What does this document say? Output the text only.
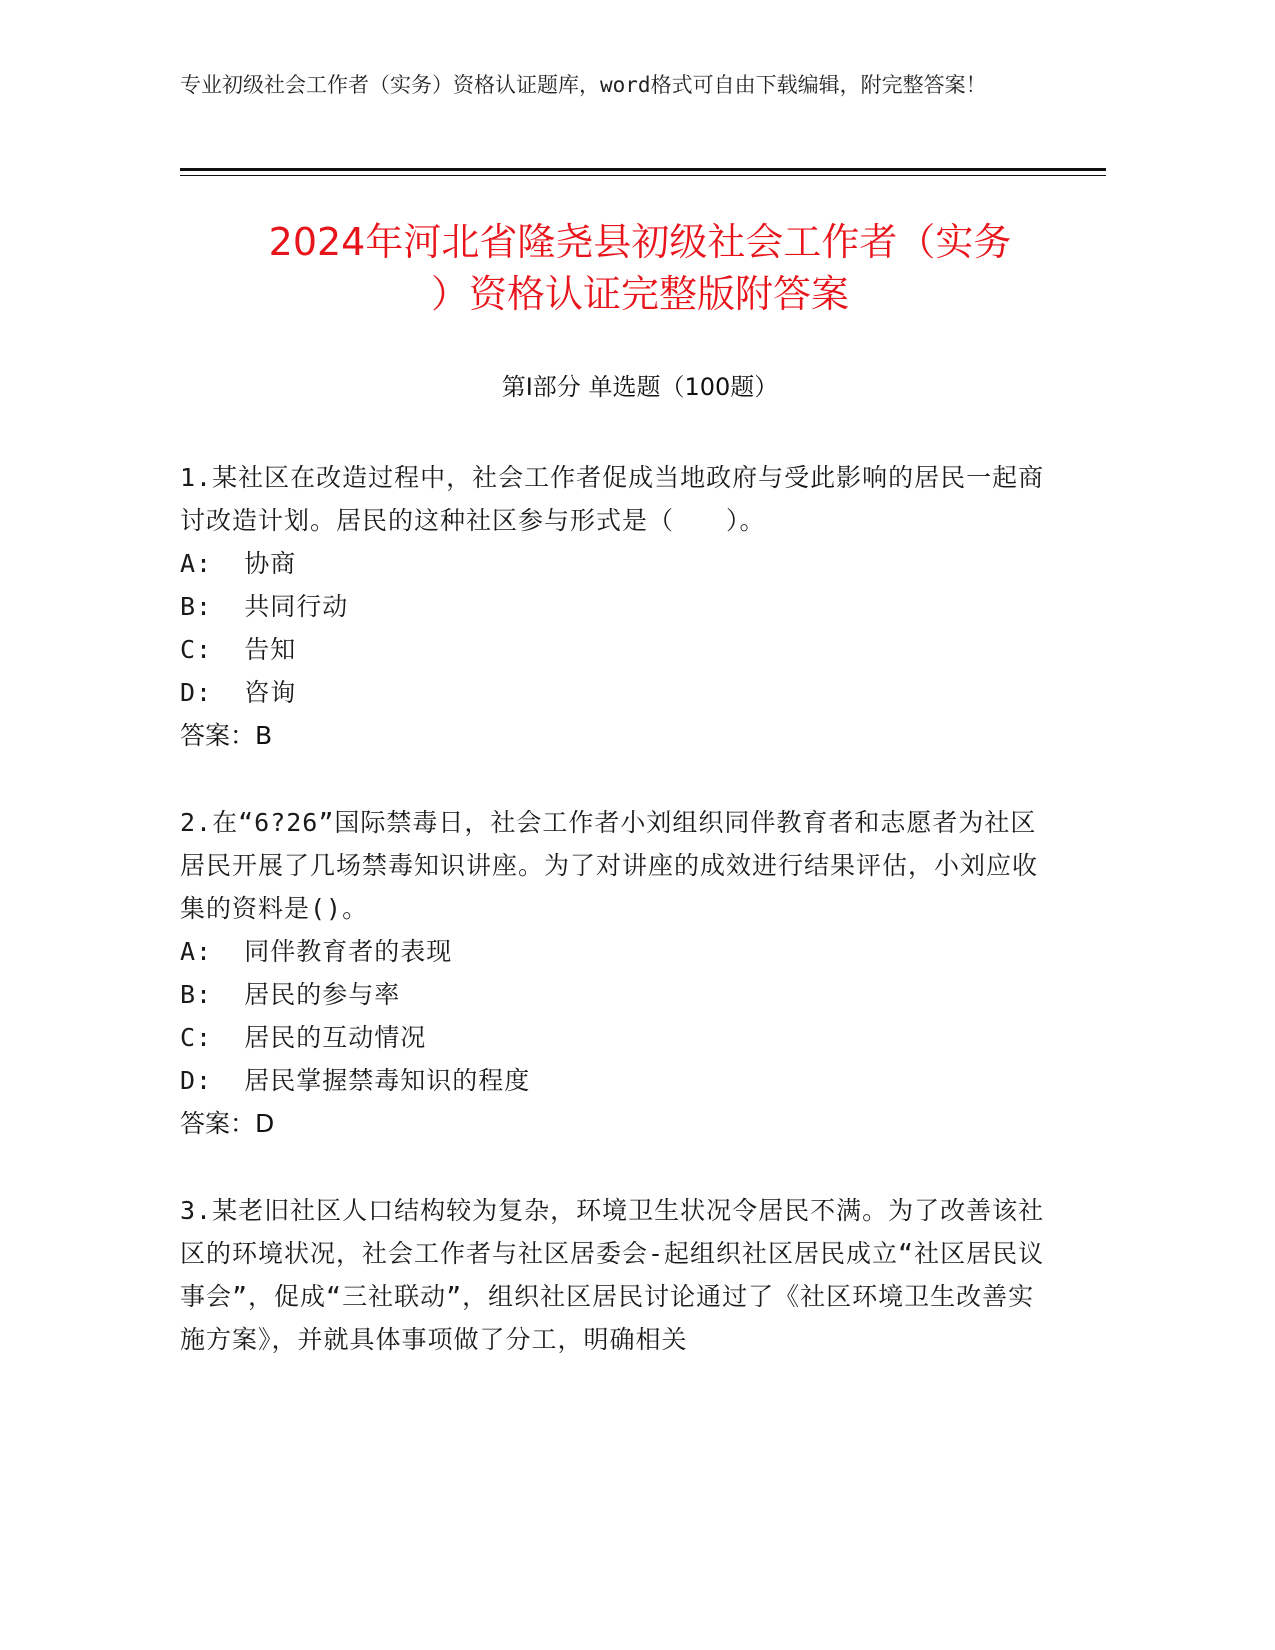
专业初级社会工作者（实务）资格认证题库，word格式可自由下载编辑，附完整答案！
2024年河北省隆尧县初级社会工作者（实务
）资格认证完整版附答案
第Ⅰ部分 单选题（100题）
1.某社区在改造过程中，社会工作者促成当地政府与受此影响的居民一起商讨改造计划。居民的这种社区参与形式是（　　）。
A:  协商
B:  共同行动
C:  告知
D:  咨询
答案：B
2.在“6?26”国际禁毒日，社会工作者小刘组织同伴教育者和志愿者为社区居民开展了几场禁毒知识讲座。为了对讲座的成效进行结果评估，小刘应收集的资料是()。
A:  同伴教育者的表现
B:  居民的参与率
C:  居民的互动情况
D:  居民掌握禁毒知识的程度
答案：D
3.某老旧社区人口结构较为复杂，环境卫生状况令居民不满。为了改善该社区的环境状况，社会工作者与社区居委会-起组织社区居民成立“社区居民议事会”，促成“三社联动”，组织社区居民讨论通过了《社区环境卫生改善实施方案》，并就具体事项做了分工，明确相关
